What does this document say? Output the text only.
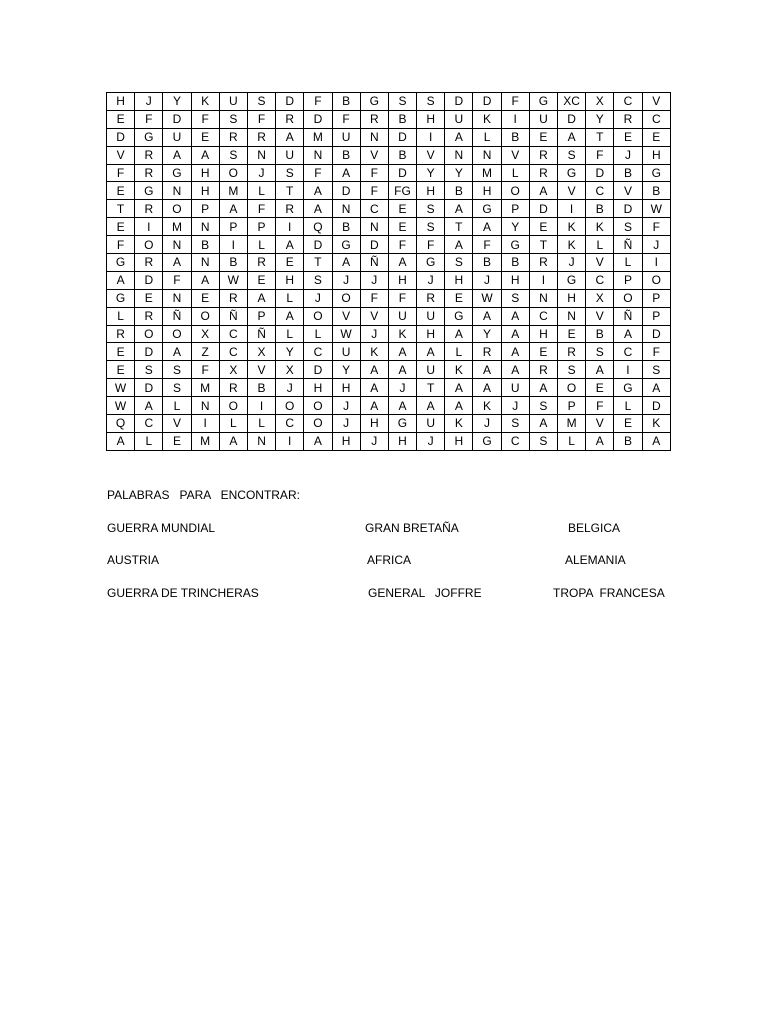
H	J	Y	K	U	S	D	F	B	G	S	S	D	D	F	G	XC	X	C	V
E	F	D	F	S	F	R	D	F	R	B	H	U	K	I	U	D	Y	R	C
D	G	U	E	R	R	A	M	U	N	D	I	A	L	B	E	A	T	E	E
V	R	A	A	S	N	U	N	B	V	B	V	N	N	V	R	S	F	J	H
F	R	G	H	O	J	S	F	A	F	D	Y	Y	M	L	R	G	D	B	G
E	G	N	H	M	L	T	A	D	F	FG	H	B	H	O	A	V	C	V	B
T	R	O	P	A	F	R	A	N	C	E	S	A	G	P	D	I	B	D	W
E	I	M	N	P	P	I	Q	B	N	E	S	T	A	Y	E	K	K	S	F
F	O	N	B	I	L	A	D	G	D	F	F	A	F	G	T	K	L	Ñ	J
G	R	A	N	B	R	E	T	A	Ñ	A	G	S	B	B	R	J	V	L	I
A	D	F	A	W	E	H	S	J	J	H	J	H	J	H	I	G	C	P	O
G	E	N	E	R	A	L	J	O	F	F	R	E	W	S	N	H	X	O	P
L	R	Ñ	O	Ñ	P	A	O	V	V	U	U	G	A	A	C	N	V	Ñ	P
R	O	O	X	C	Ñ	L	L	W	J	K	H	A	Y	A	H	E	B	A	D
E	D	A	Z	C	X	Y	C	U	K	A	A	L	R	A	E	R	S	C	F
E	S	S	F	X	V	X	D	Y	A	A	U	K	A	A	R	S	A	I	S
W	D	S	M	R	B	J	H	H	A	J	T	A	A	U	A	O	E	G	A
W	A	L	N	O	I	O	O	J	A	A	A	A	K	J	S	P	F	L	D
Q	C	V	I	L	L	C	O	J	H	G	U	K	J	S	A	M	V	E	K
A	L	E	M	A	N	I	A	H	J	H	J	H	G	C	S	L	A	B	A
PALABRAS   PARA   ENCONTRAR:
GUERRA MUNDIAL	GRAN BRETAÑA	BELGICA
AUSTRIA	AFRICA	ALEMANIA
GUERRA DE TRINCHERAS	GENERAL   JOFFRE	TROPA  FRANCESA
